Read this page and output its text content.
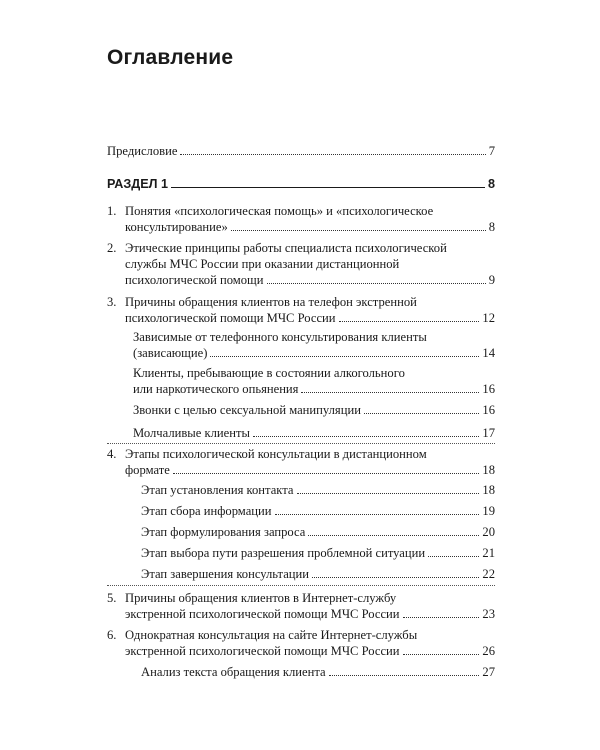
Оглавление
Предисловие	7
РАЗДЕЛ 1	8
1. Понятия «психологическая помощь» и «психологическое
консультирование»	8
2. Этические принципы работы специалиста психологической
службы МЧС России при оказании дистанционной
психологической помощи	9
3. Причины обращения клиентов на телефон экстренной
психологической помощи МЧС России	12
Зависимые от телефонного консультирования клиенты
(зависающие)	14
Клиенты, пребывающие в состоянии алкогольного
или наркотического опьянения	16
Звонки с целью сексуальной манипуляции	16
Молчаливые клиенты	17
4. Этапы психологической консультации в дистанционном
формате	18
Этап установления контакта	18
Этап сбора информации	19
Этап формулирования запроса	20
Этап выбора пути разрешения проблемной ситуации	21
Этап завершения консультации	22
5. Причины обращения клиентов в Интернет-службу
экстренной психологической помощи МЧС России	23
6. Однократная консультация на сайте Интернет-службы
экстренной психологической помощи МЧС России	26
Анализ текста обращения клиента	27
